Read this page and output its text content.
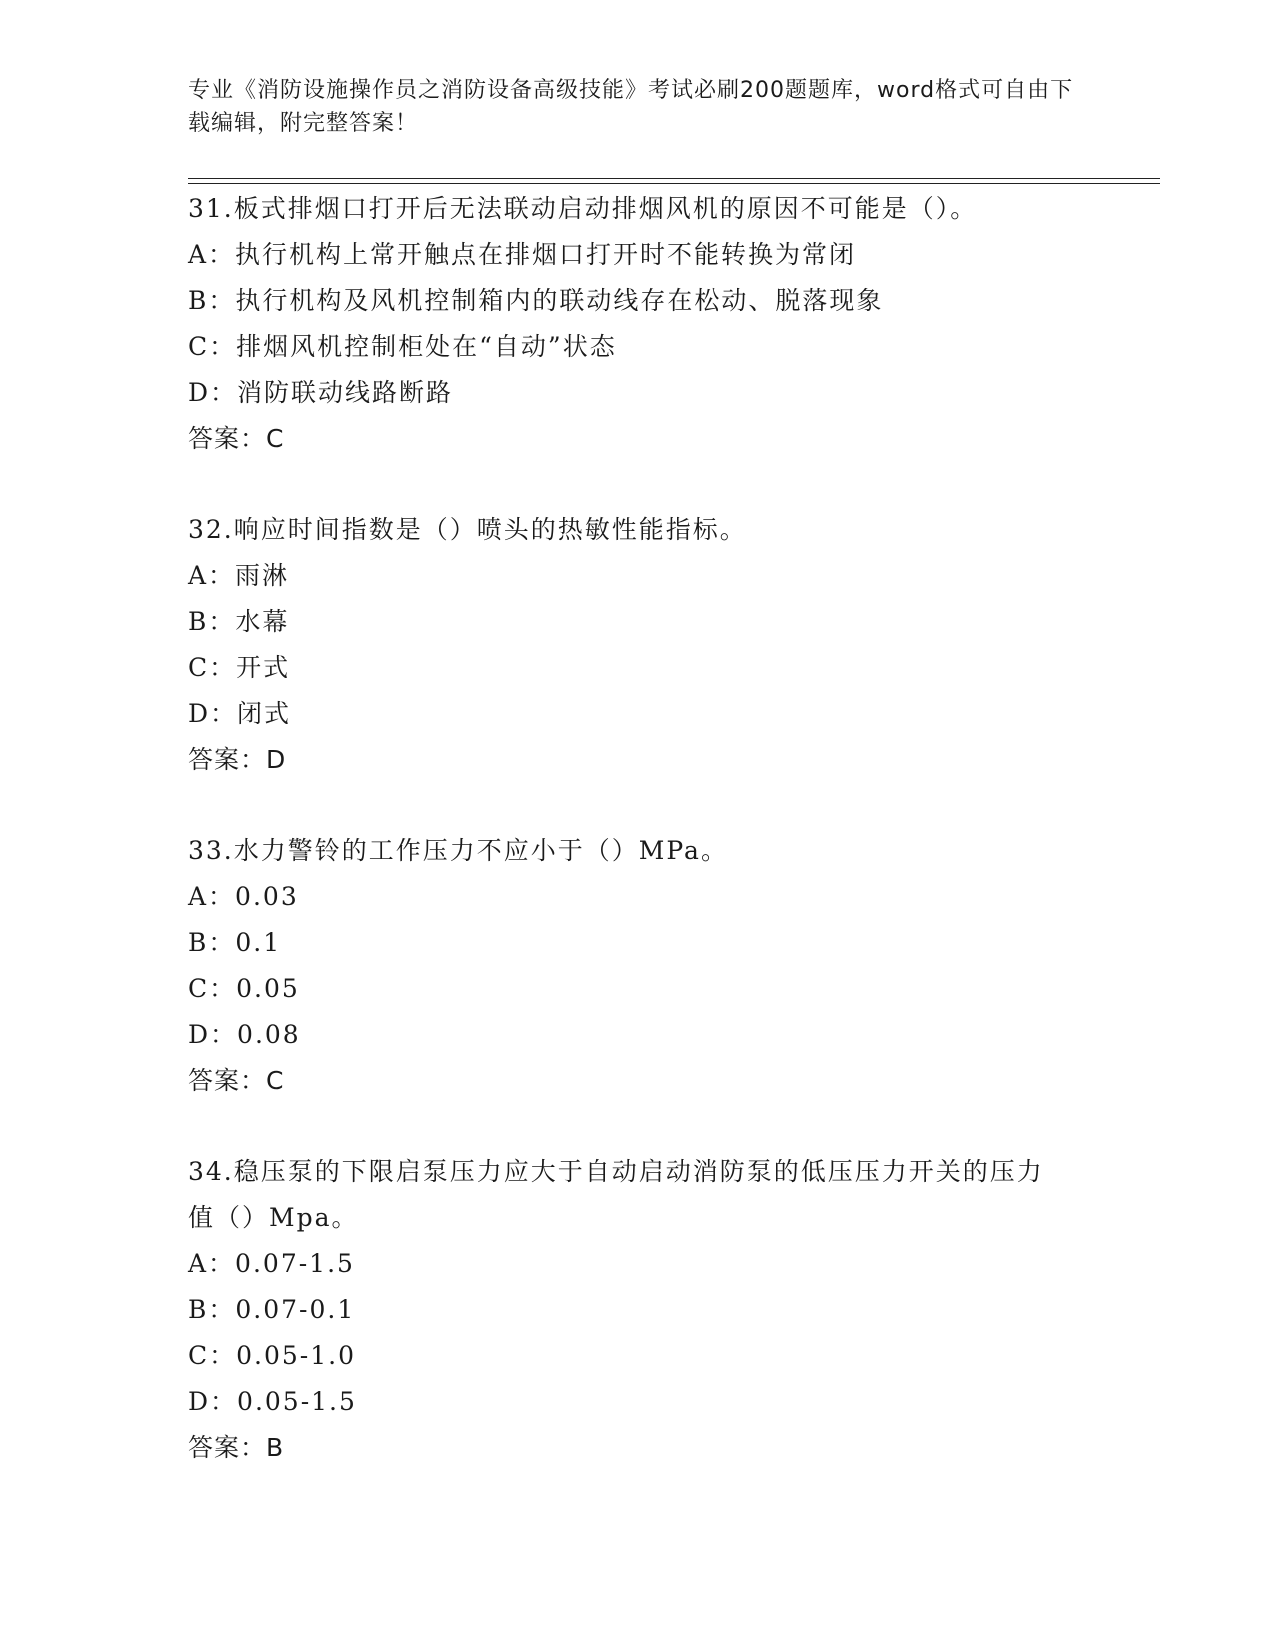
专业《消防设施操作员之消防设备高级技能》考试必刷200题题库，word格式可自由下载编辑，附完整答案！
31.板式排烟口打开后无法联动启动排烟风机的原因不可能是（）。
A：执行机构上常开触点在排烟口打开时不能转换为常闭
B：执行机构及风机控制箱内的联动线存在松动、脱落现象
C：排烟风机控制柜处在“自动”状态
D：消防联动线路断路
答案：C
32.响应时间指数是（）喷头的热敏性能指标。
A：雨淋
B：水幕
C：开式
D：闭式
答案：D
33.水力警铃的工作压力不应小于（）MPa。
A：0.03
B：0.1
C：0.05
D：0.08
答案：C
34.稳压泵的下限启泵压力应大于自动启动消防泵的低压压力开关的压力值（）Mpa。
A：0.07-1.5
B：0.07-0.1
C：0.05-1.0
D：0.05-1.5
答案：B
